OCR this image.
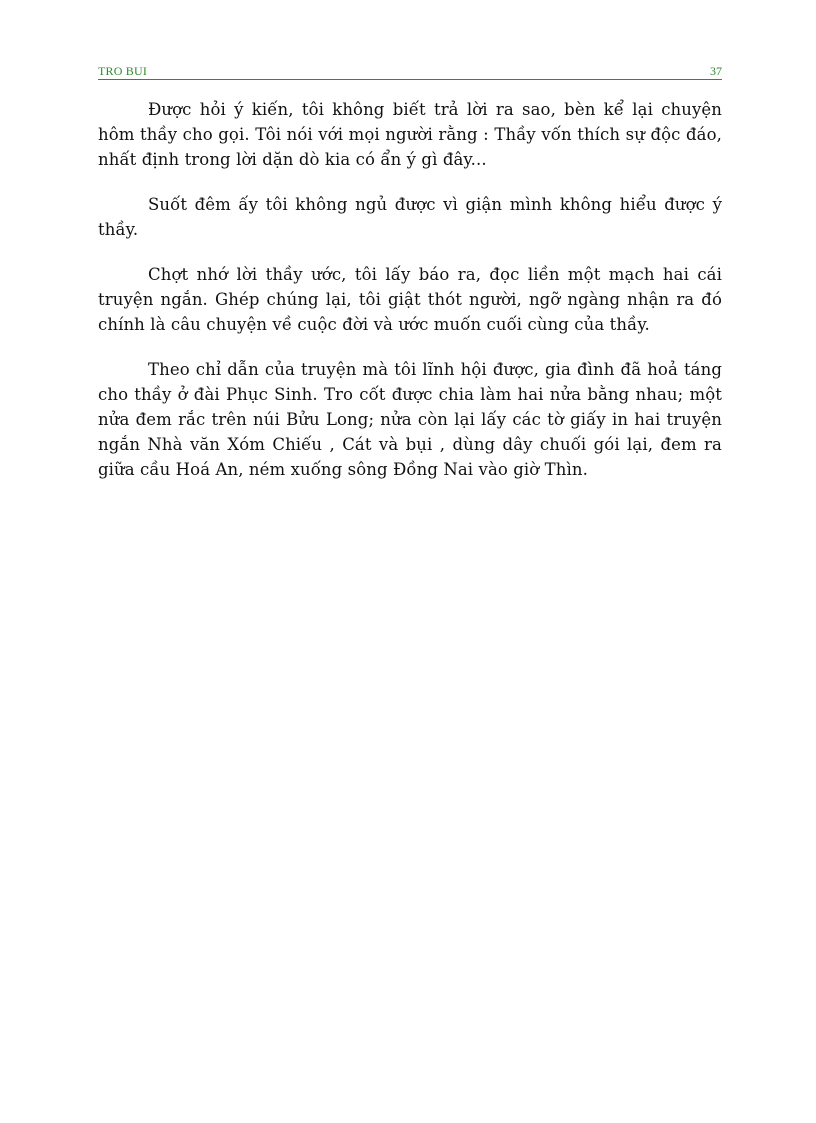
TRO BUI	37

Được hỏi ý kiến, tôi không biết trả lời ra sao, bèn kể lại chuyện hôm thầy cho gọi. Tôi nói với mọi người rằng : Thầy vốn thích sự độc đáo, nhất định trong lời dặn dò kia có ẩn ý gì đây...

Suốt đêm ấy tôi không ngủ được vì giận mình không hiểu được ý thầy.

Chợt nhớ lời thầy ước, tôi lấy báo ra, đọc liền một mạch hai cái truyện ngắn. Ghép chúng lại, tôi giật thót người, ngỡ ngàng nhận ra đó chính là câu chuyện về cuộc đời và ước muốn cuối cùng của thầy.

Theo chỉ dẫn của truyện mà tôi lĩnh hội được, gia đình đã hoả táng cho thầy ở đài Phục Sinh. Tro cốt được chia làm hai nửa bằng nhau; một nửa đem rắc trên núi Bửu Long; nửa còn lại lấy các tờ giấy in hai truyện ngắn Nhà văn Xóm Chiếu , Cát và bụi , dùng dây chuối gói lại, đem ra giữa cầu Hoá An, ném xuống sông Đồng Nai vào giờ Thìn.
